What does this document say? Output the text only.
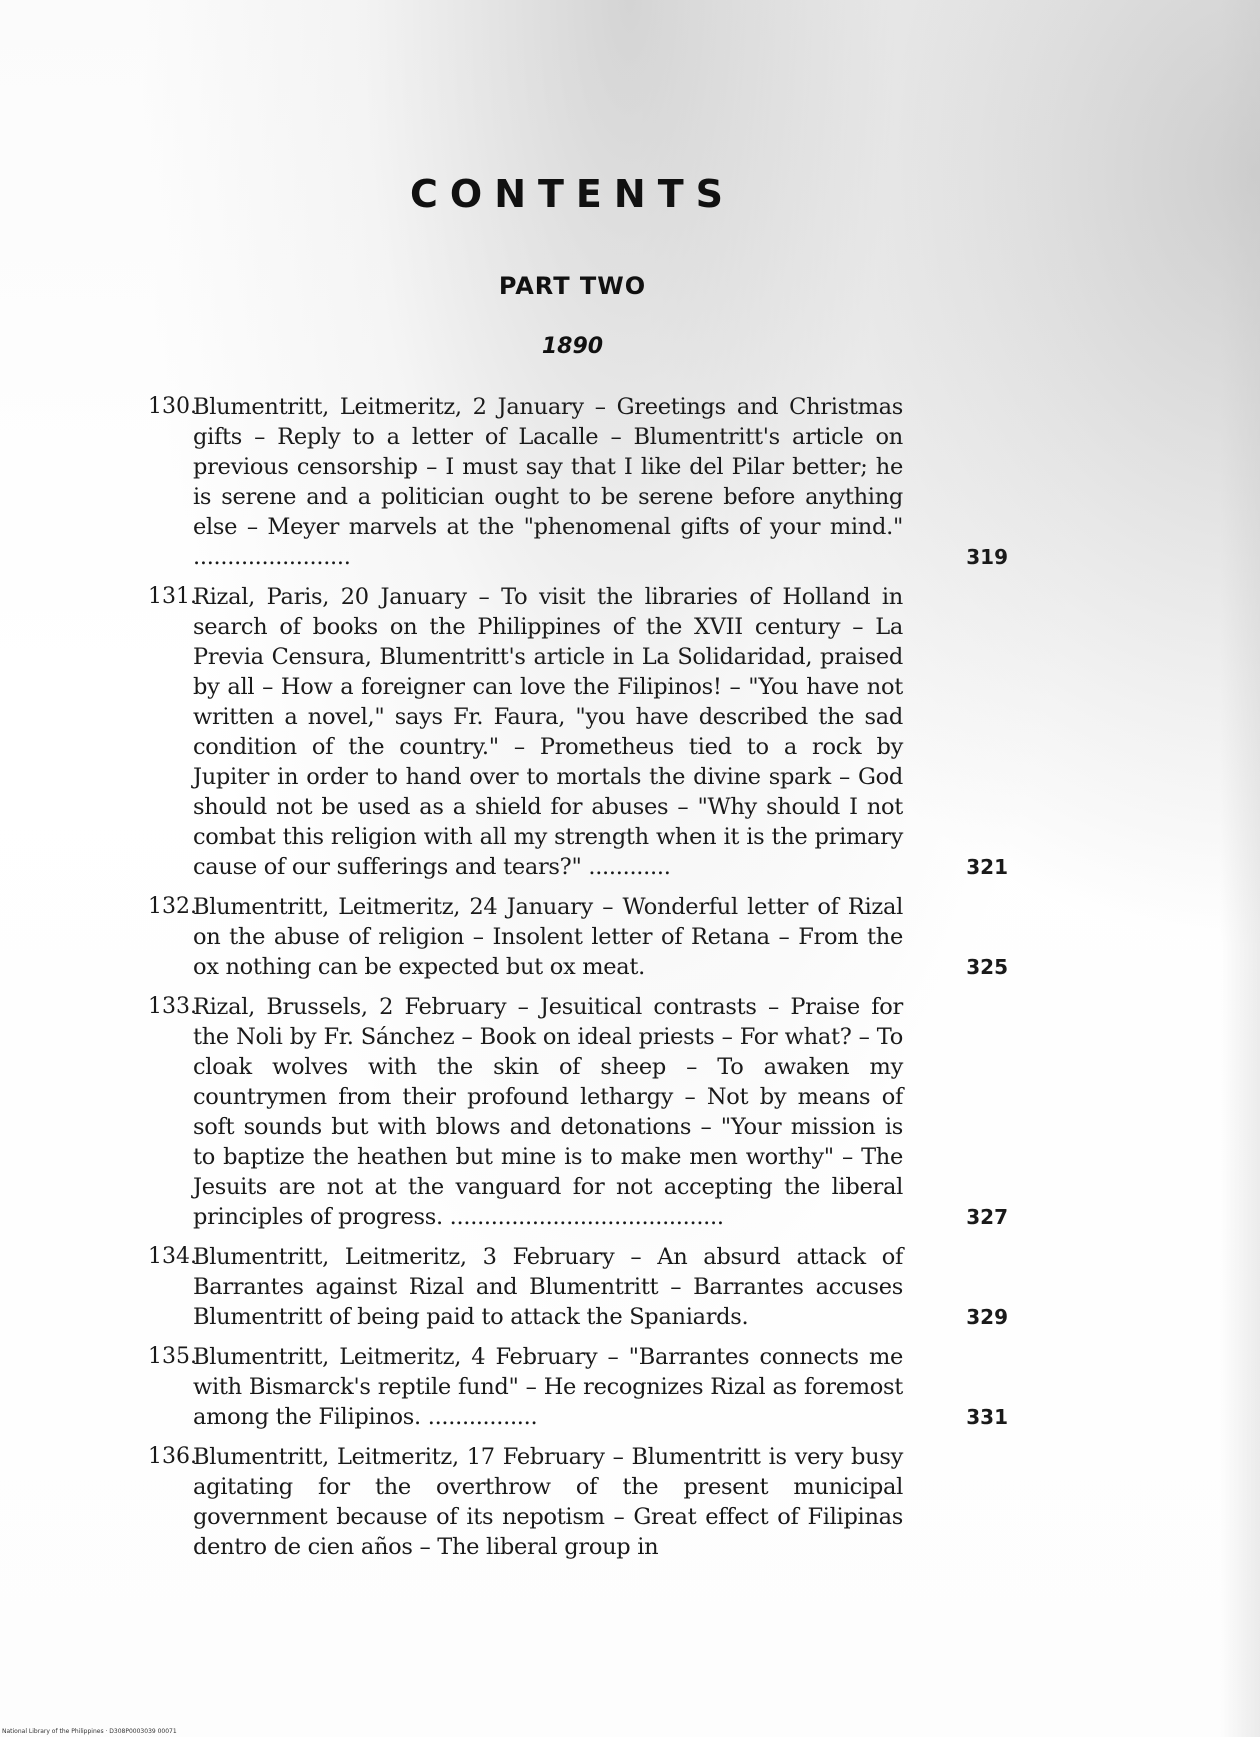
CONTENTS
PART TWO
1890
130.
Blumentritt, Leitmeritz, 2 January – Greetings and Christmas gifts – Reply to a letter of Lacalle – Blumentritt's article on previous censorship – I must say that I like del Pilar better; he is serene and a politician ought to be serene before anything else – Meyer marvels at the "phenomenal gifts of your mind." .......................	319
131.
Rizal, Paris, 20 January – To visit the libraries of Holland in search of books on the Philippines of the XVII century – La Previa Censura, Blumentritt's article in La Solidaridad, praised by all – How a foreigner can love the Filipinos! – "You have not written a novel," says Fr. Faura, "you have described the sad condition of the country." – Prometheus tied to a rock by Jupiter in order to hand over to mortals the divine spark – God should not be used as a shield for abuses – "Why should I not combat this religion with all my strength when it is the primary cause of our sufferings and tears?" ............	321
132.
Blumentritt, Leitmeritz, 24 January – Wonderful letter of Rizal on the abuse of religion – Insolent letter of Retana – From the ox nothing can be expected but ox meat.	325
133.
Rizal, Brussels, 2 February – Jesuitical contrasts – Praise for the Noli by Fr. Sánchez – Book on ideal priests – For what? – To cloak wolves with the skin of sheep – To awaken my countrymen from their profound lethargy – Not by means of soft sounds but with blows and detonations – "Your mission is to baptize the heathen but mine is to make men worthy" – The Jesuits are not at the vanguard for not accepting the liberal principles of progress. ........................................	327
134.
Blumentritt, Leitmeritz, 3 February – An absurd attack of Barrantes against Rizal and Blumentritt – Barrantes accuses Blumentritt of being paid to attack the Spaniards.	329
135.
Blumentritt, Leitmeritz, 4 February – "Barrantes connects me with Bismarck's reptile fund" – He recognizes Rizal as foremost among the Filipinos. ................	331
136.
Blumentritt, Leitmeritz, 17 February – Blumentritt is very busy agitating for the overthrow of the present municipal government because of its nepotism – Great effect of Filipinas dentro de cien años – The liberal group in
National Library of the Philippines · D308P0003039 00071
